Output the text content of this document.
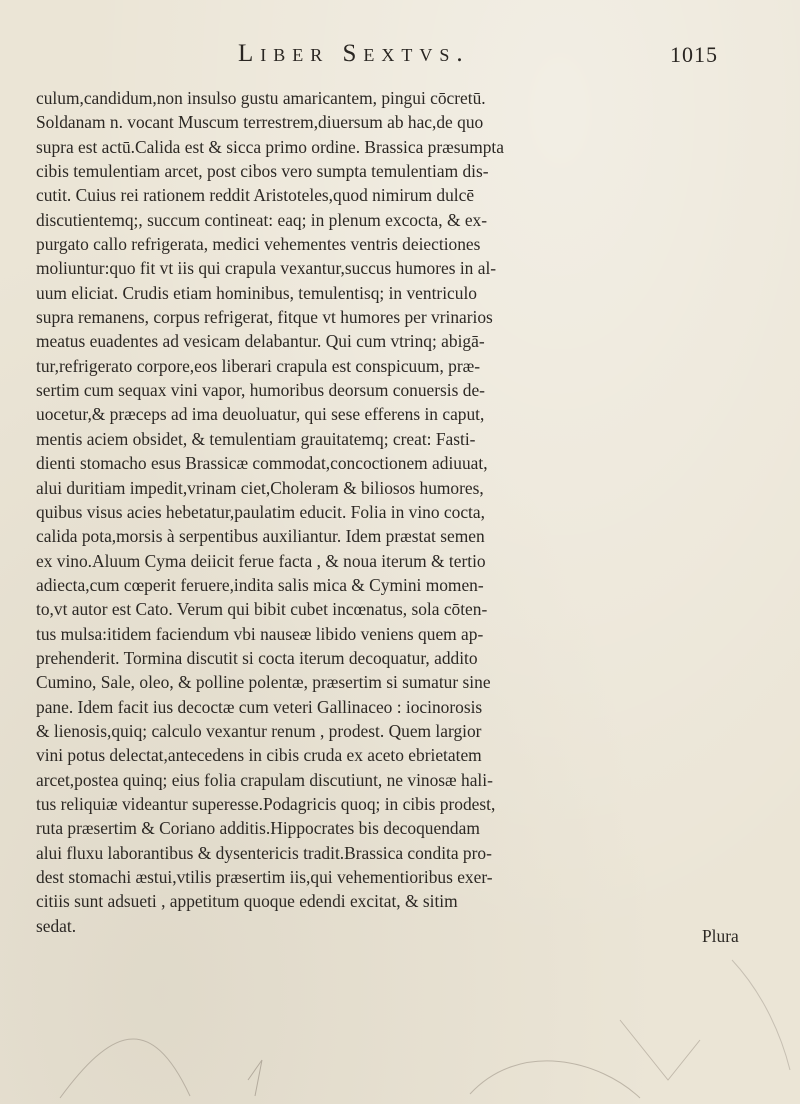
Liber Sextvs.	1015
culum,candidum,non insulso gustu amaricantem, pingui cōcretū.
Soldanam n. vocant Muscum terrestrem,diuersum ab hac,de quo
supra est actū.Calida est & sicca primo ordine. Brassica præsumpta
cibis temulentiam arcet, post cibos vero sumpta temulentiam dis-
cutit. Cuius rei rationem reddit Aristoteles,quod nimirum dulcē
discutientemq;, succum contineat: eaq; in plenum excocta, & ex-
purgato callo refrigerata, medici vehementes ventris deiectiones
moliuntur:quo fit vt iis qui crapula vexantur,succus humores in al-
uum eliciat. Crudis etiam hominibus, temulentisq; in ventriculo
supra remanens, corpus refrigerat, fitque vt humores per vrinarios
meatus euadentes ad vesicam delabantur. Qui cum vtrinq; abigā-
tur,refrigerato corpore,eos liberari crapula est conspicuum, præ-
sertim cum sequax vini vapor, humoribus deorsum conuersis de-
uocetur,& præceps ad ima deuoluatur, qui sese efferens in caput,
mentis aciem obsidet, & temulentiam grauitatemq; creat: Fasti-
dienti stomacho esus Brassicæ commodat,concoctionem adiuuat,
alui duritiam impedit,vrinam ciet,Choleram & biliosos humores,
quibus visus acies hebetatur,paulatim educit. Folia in vino cocta,
calida pota,morsis à serpentibus auxiliantur. Idem præstat semen
ex vino.Aluum Cyma deiicit ferue facta , & noua iterum & tertio
adiecta,cum cœperit feruere,indita salis mica & Cymini momen-
to,vt autor est Cato. Verum qui bibit cubet incœnatus, sola cōten-
tus mulsa:itidem faciendum vbi nauseæ libido veniens quem ap-
prehenderit. Tormina discutit si cocta iterum decoquatur, addito
Cumino, Sale, oleo, & polline polentæ, præsertim si sumatur sine
pane. Idem facit ius decoctæ cum veteri Gallinaceo : iocinorosis
& lienosis,quiq; calculo vexantur renum , prodest. Quem largior
vini potus delectat,antecedens in cibis cruda ex aceto ebrietatem
arcet,postea quinq; eius folia crapulam discutiunt, ne vinosæ hali-
tus reliquiæ videantur superesse.Podagricis quoq; in cibis prodest,
ruta præsertim & Coriano additis.Hippocrates bis decoquendam
alui fluxu laborantibus & dysentericis tradit.Brassica condita pro-
dest stomachi æstui,vtilis præsertim iis,qui vehementioribus exer-
citiis sunt adsueti , appetitum quoque edendi excitat, & sitim
sedat.
Plura
